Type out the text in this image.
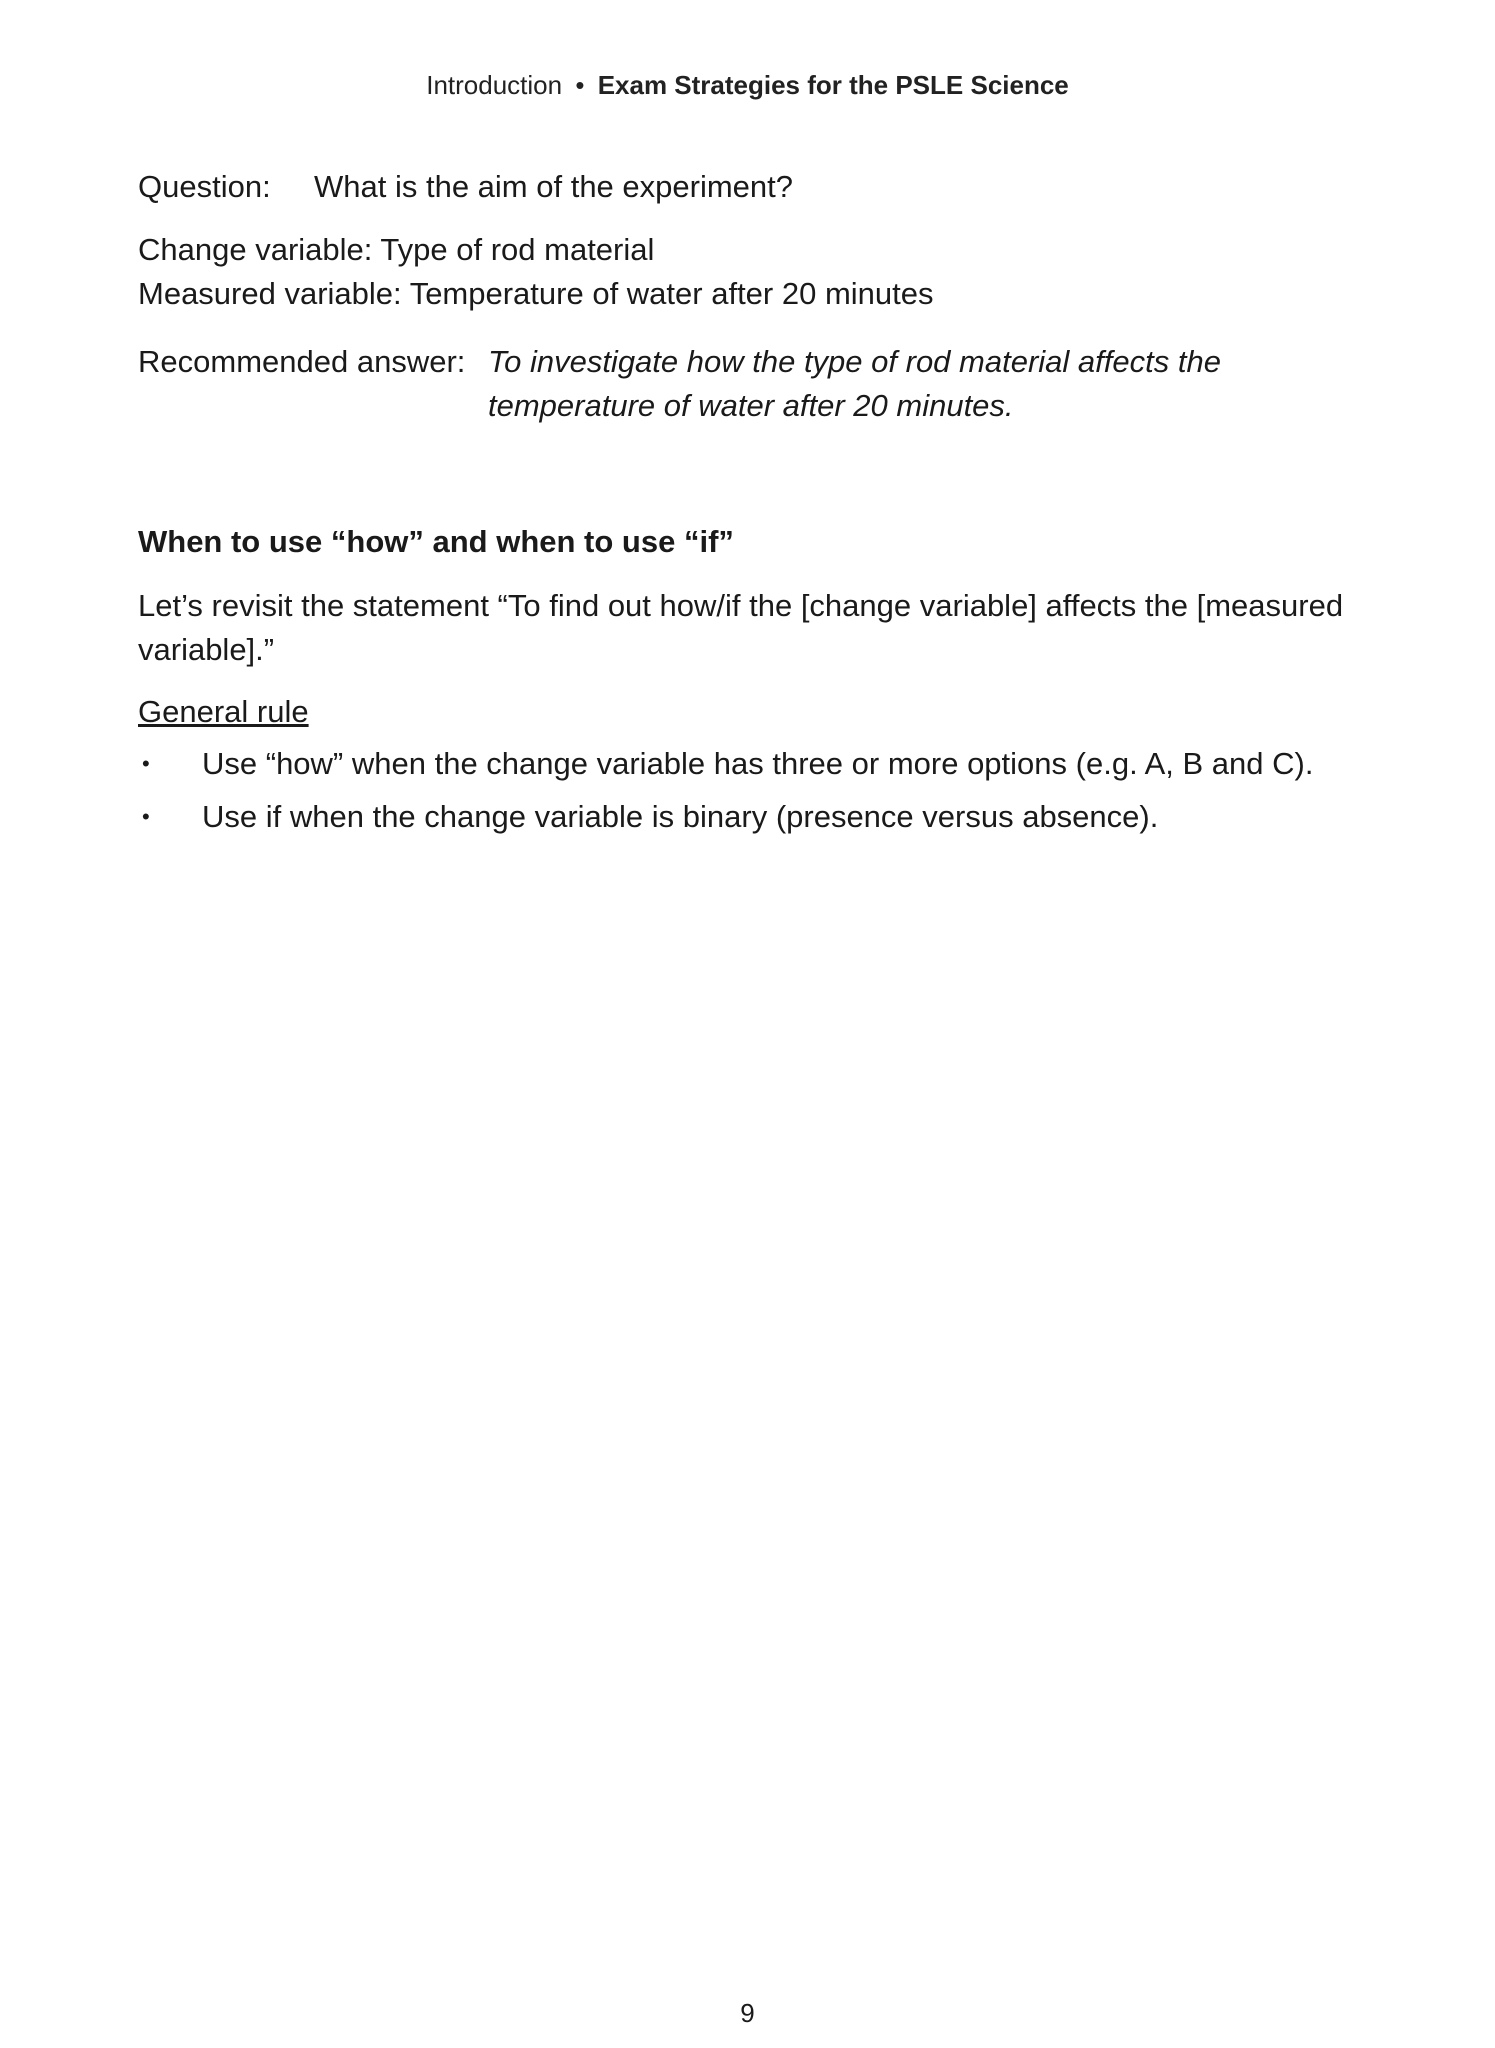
Introduction • Exam Strategies for the PSLE Science
Question: What is the aim of the experiment?
Change variable: Type of rod material
Measured variable: Temperature of water after 20 minutes
Recommended answer: To investigate how the type of rod material affects the
temperature of water after 20 minutes.
When to use “how” and when to use “if”
Let’s revisit the statement “To find out how/if the [change variable] affects the [measured
variable].”
General rule
• Use “how” when the change variable has three or more options (e.g. A, B and C).
• Use if when the change variable is binary (presence versus absence).
9
